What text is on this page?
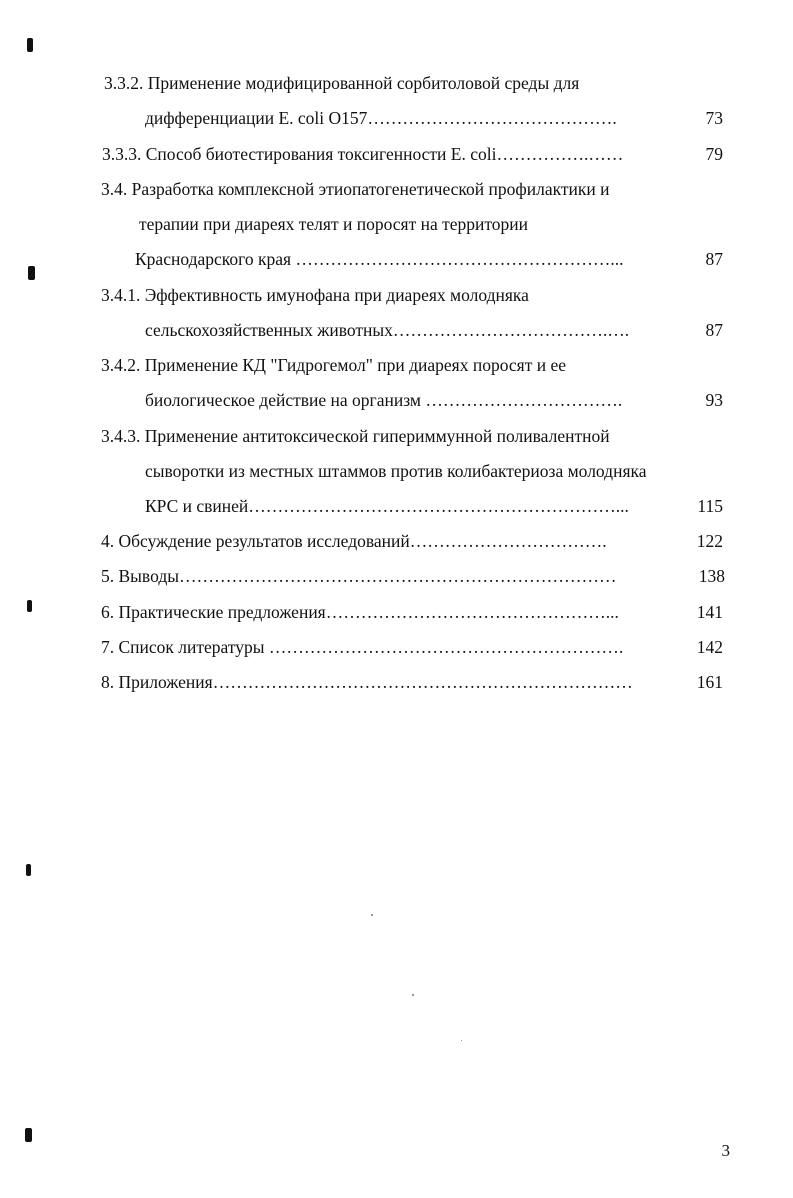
3.3.2. Применение модифицированной сорбитоловой среды для
дифференциации E. coli O157…………………………………….	73
3.3.3. Способ биотестирования токсигенности E. coli…………….……	79
3.4. Разработка комплексной этиопатогенетической профилактики и
терапии при диареях телят и поросят на территории
Краснодарского края ………………………………………………...	87
3.4.1. Эффективность имунофана при диареях молодняка
сельскохозяйственных животных……………………………….….	87
3.4.2. Применение КД "Гидрогемол" при диареях поросят и ее
биологическое действие на организм …………………………….	93
3.4.3. Применение антитоксической гипериммунной поливалентной
сыворотки из местных штаммов против колибактериоза молодняка
КРС и свиней………………………………………………………...	115
4. Обсуждение результатов исследований…………………………….	122
5. Выводы…………………………………………………………………	138
6. Практические предложения…………………………………………...	141
7. Список литературы …………………………………………………….	142
8. Приложения………………………………………………………………	161
3
